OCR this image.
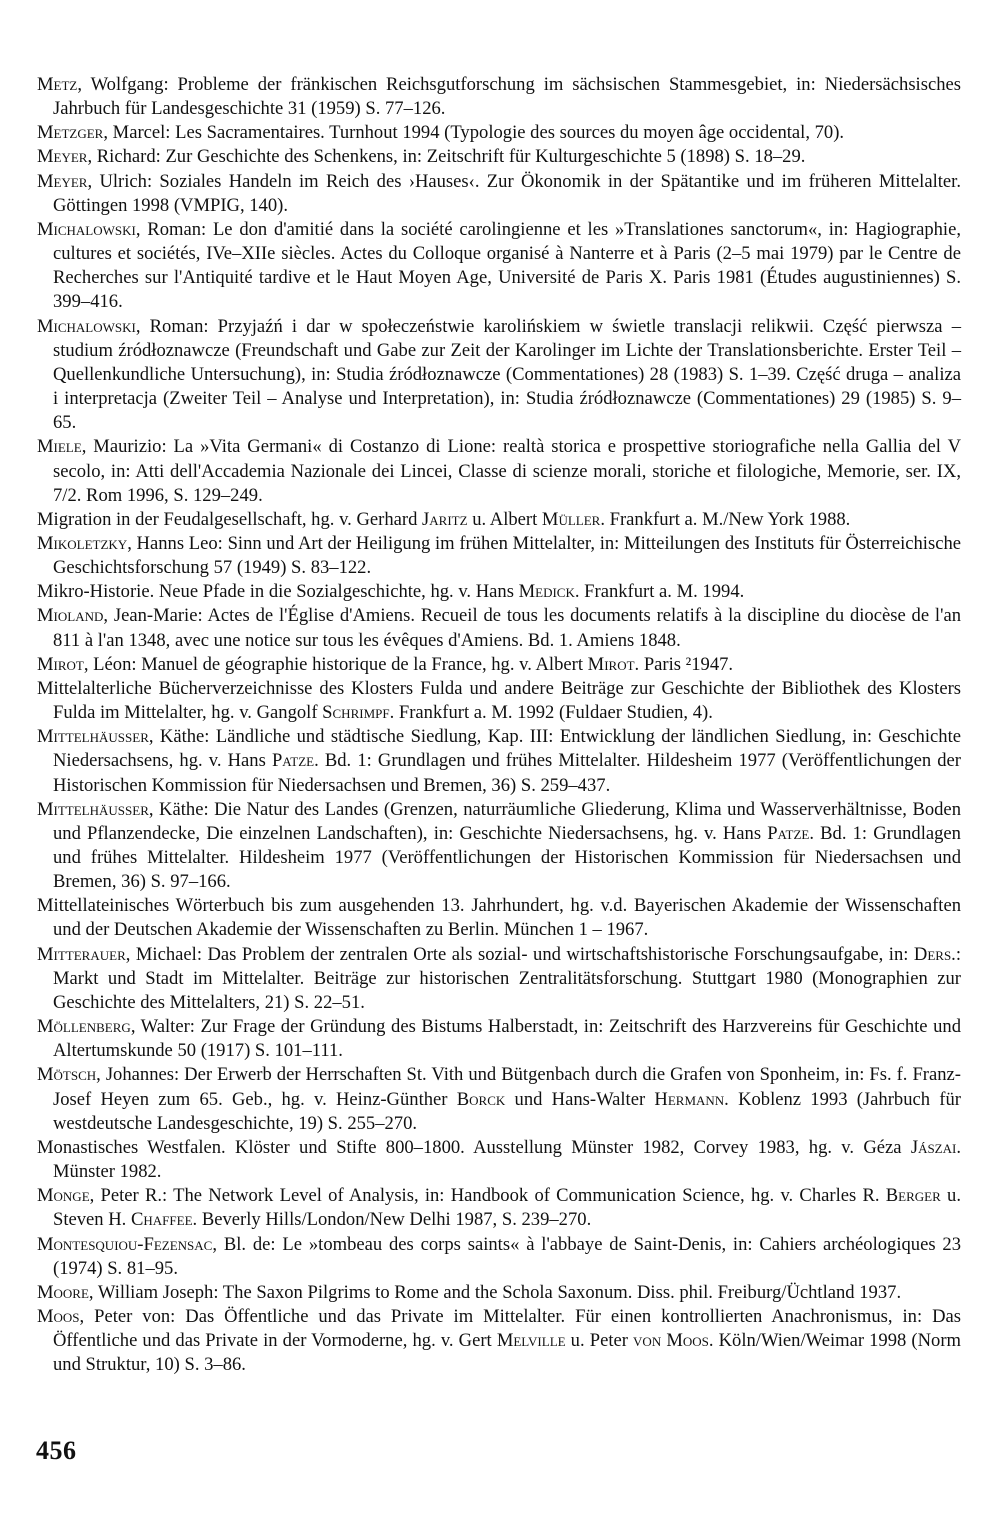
Metz, Wolfgang: Probleme der fränkischen Reichsgutforschung im sächsischen Stammesgebiet, in: Niedersächsisches Jahrbuch für Landesgeschichte 31 (1959) S. 77–126.

Metzger, Marcel: Les Sacramentaires. Turnhout 1994 (Typologie des sources du moyen âge occidental, 70).

Meyer, Richard: Zur Geschichte des Schenkens, in: Zeitschrift für Kulturgeschichte 5 (1898) S. 18–29.

Meyer, Ulrich: Soziales Handeln im Reich des ›Hauses‹. Zur Ökonomik in der Spätantike und im früheren Mittelalter. Göttingen 1998 (VMPIG, 140).

Michalowski, Roman: Le don d'amitié dans la société carolingienne et les »Translationes sanctorum«, in: Hagiographie, cultures et sociétés, IVe–XIIe siècles. Actes du Colloque organisé à Nanterre et à Paris (2–5 mai 1979) par le Centre de Recherches sur l'Antiquité tardive et le Haut Moyen Age, Université de Paris X. Paris 1981 (Études augustiniennes) S. 399–416.

Michalowski, Roman: Przyjaźń i dar w społeczeństwie karolińskiem w świetle translacji relikwii. Część pierwsza – studium źródłoznawcze (Freundschaft und Gabe zur Zeit der Karolinger im Lichte der Translationsberichte. Erster Teil – Quellenkundliche Untersuchung), in: Studia źródłoznawcze (Commentationes) 28 (1983) S. 1–39. Część druga – analiza i interpretacja (Zweiter Teil – Analyse und Interpretation), in: Studia źródłoznawcze (Commentationes) 29 (1985) S. 9–65.

Miele, Maurizio: La »Vita Germani« di Costanzo di Lione: realtà storica e prospettive storiografiche nella Gallia del V secolo, in: Atti dell'Accademia Nazionale dei Lincei, Classe di scienze morali, storiche et filologiche, Memorie, ser. IX, 7/2. Rom 1996, S. 129–249.

Migration in der Feudalgesellschaft, hg. v. Gerhard Jaritz u. Albert Müller. Frankfurt a. M./New York 1988.

Mikoletzky, Hanns Leo: Sinn und Art der Heiligung im frühen Mittelalter, in: Mitteilungen des Instituts für Österreichische Geschichtsforschung 57 (1949) S. 83–122.

Mikro-Historie. Neue Pfade in die Sozialgeschichte, hg. v. Hans Medick. Frankfurt a. M. 1994.

Mioland, Jean-Marie: Actes de l'Église d'Amiens. Recueil de tous les documents relatifs à la discipline du diocèse de l'an 811 à l'an 1348, avec une notice sur tous les évêques d'Amiens. Bd. 1. Amiens 1848.

Mirot, Léon: Manuel de géographie historique de la France, hg. v. Albert Mirot. Paris ²1947.

Mittelalterliche Bücherverzeichnisse des Klosters Fulda und andere Beiträge zur Geschichte der Bibliothek des Klosters Fulda im Mittelalter, hg. v. Gangolf Schrimpf. Frankfurt a. M. 1992 (Fuldaer Studien, 4).

Mittelhäusser, Käthe: Ländliche und städtische Siedlung, Kap. III: Entwicklung der ländlichen Siedlung, in: Geschichte Niedersachsens, hg. v. Hans Patze. Bd. 1: Grundlagen und frühes Mittelalter. Hildesheim 1977 (Veröffentlichungen der Historischen Kommission für Niedersachsen und Bremen, 36) S. 259–437.

Mittelhäusser, Käthe: Die Natur des Landes (Grenzen, naturräumliche Gliederung, Klima und Wasserverhältnisse, Boden und Pflanzendecke, Die einzelnen Landschaften), in: Geschichte Niedersachsens, hg. v. Hans Patze. Bd. 1: Grundlagen und frühes Mittelalter. Hildesheim 1977 (Veröffentlichungen der Historischen Kommission für Niedersachsen und Bremen, 36) S. 97–166.

Mittellateinisches Wörterbuch bis zum ausgehenden 13. Jahrhundert, hg. v.d. Bayerischen Akademie der Wissenschaften und der Deutschen Akademie der Wissenschaften zu Berlin. München 1 – 1967.

Mitterauer, Michael: Das Problem der zentralen Orte als sozial- und wirtschaftshistorische Forschungsaufgabe, in: Ders.: Markt und Stadt im Mittelalter. Beiträge zur historischen Zentralitätsforschung. Stuttgart 1980 (Monographien zur Geschichte des Mittelalters, 21) S. 22–51.

Möllenberg, Walter: Zur Frage der Gründung des Bistums Halberstadt, in: Zeitschrift des Harzvereins für Geschichte und Altertumskunde 50 (1917) S. 101–111.

Mötsch, Johannes: Der Erwerb der Herrschaften St. Vith und Bütgenbach durch die Grafen von Sponheim, in: Fs. f. Franz-Josef Heyen zum 65. Geb., hg. v. Heinz-Günther Borck und Hans-Walter Hermann. Koblenz 1993 (Jahrbuch für westdeutsche Landesgeschichte, 19) S. 255–270.

Monastisches Westfalen. Klöster und Stifte 800–1800. Ausstellung Münster 1982, Corvey 1983, hg. v. Géza Jászai. Münster 1982.

Monge, Peter R.: The Network Level of Analysis, in: Handbook of Communication Science, hg. v. Charles R. Berger u. Steven H. Chaffee. Beverly Hills/London/New Delhi 1987, S. 239–270.

Montesquiou-Fezensac, Bl. de: Le »tombeau des corps saints« à l'abbaye de Saint-Denis, in: Cahiers archéologiques 23 (1974) S. 81–95.

Moore, William Joseph: The Saxon Pilgrims to Rome and the Schola Saxonum. Diss. phil. Freiburg/Üchtland 1937.

Moos, Peter von: Das Öffentliche und das Private im Mittelalter. Für einen kontrollierten Anachronismus, in: Das Öffentliche und das Private in der Vormoderne, hg. v. Gert Melville u. Peter von Moos. Köln/Wien/Weimar 1998 (Norm und Struktur, 10) S. 3–86.

456
